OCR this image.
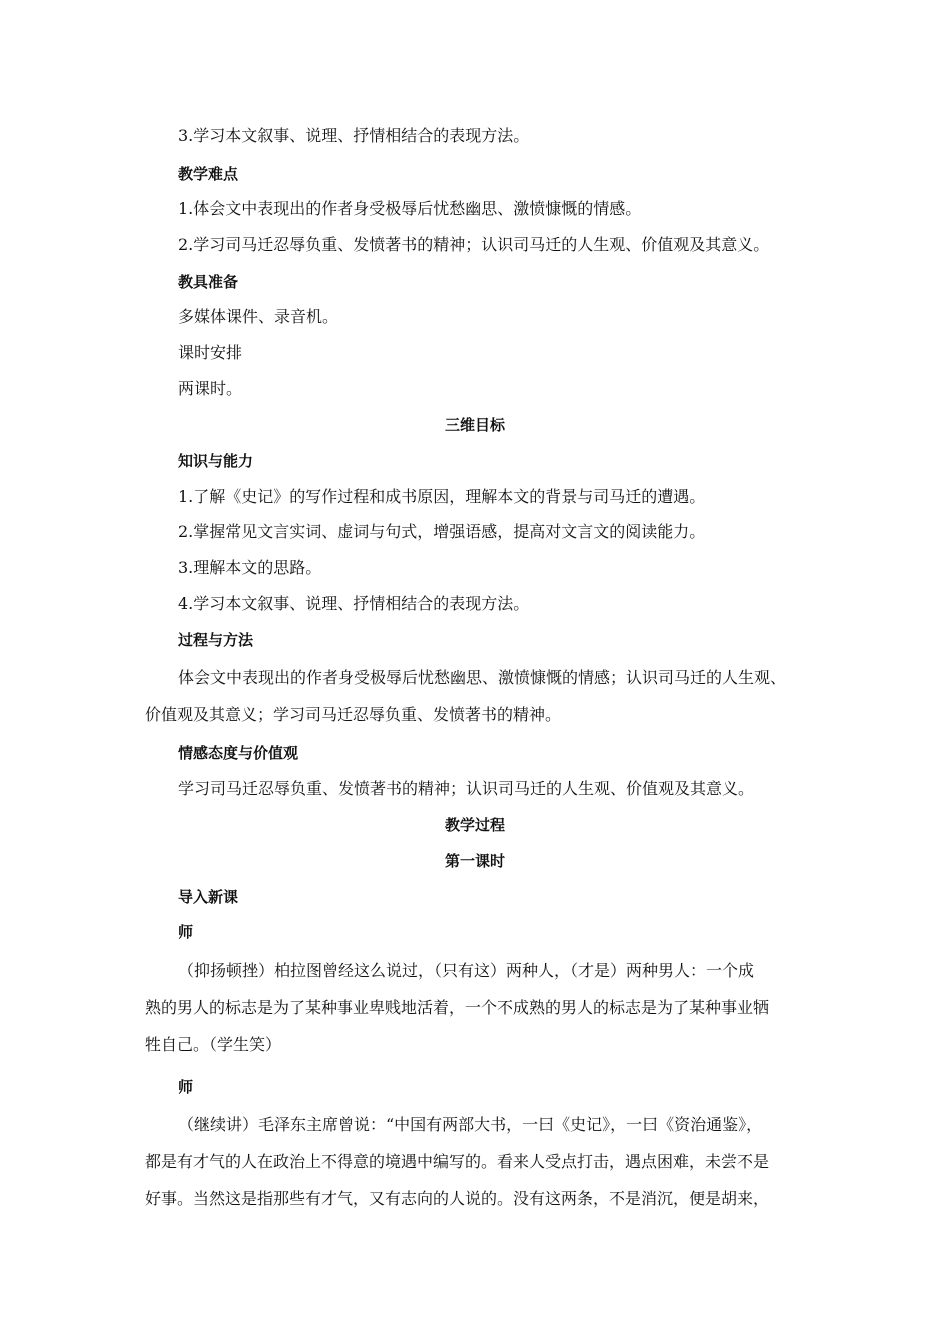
3.学习本文叙事、说理、抒情相结合的表现方法。
教学难点
1.体会文中表现出的作者身受极辱后忧愁幽思、激愤慷慨的情感。
2.学习司马迁忍辱负重、发愤著书的精神；认识司马迁的人生观、价值观及其意义。
教具准备
多媒体课件、录音机。
课时安排
两课时。
三维目标
知识与能力
1.了解《史记》的写作过程和成书原因，理解本文的背景与司马迁的遭遇。
2.掌握常见文言实词、虚词与句式，增强语感，提高对文言文的阅读能力。
3.理解本文的思路。
4.学习本文叙事、说理、抒情相结合的表现方法。
过程与方法
体会文中表现出的作者身受极辱后忧愁幽思、激愤慷慨的情感；认识司马迁的人生观、
价值观及其意义；学习司马迁忍辱负重、发愤著书的精神。
情感态度与价值观
学习司马迁忍辱负重、发愤著书的精神；认识司马迁的人生观、价值观及其意义。
教学过程
第一课时
导入新课
师
（抑扬顿挫）柏拉图曾经这么说过，（只有这）两种人，（才是）两种男人：一个成
熟的男人的标志是为了某种事业卑贱地活着，一个不成熟的男人的标志是为了某种事业牺
牲自己。（学生笑）
师
（继续讲）毛泽东主席曾说：“中国有两部大书，一曰《史记》，一曰《资治通鉴》，
都是有才气的人在政治上不得意的境遇中编写的。看来人受点打击，遇点困难，未尝不是
好事。当然这是指那些有才气，又有志向的人说的。没有这两条，不是消沉，便是胡来，
